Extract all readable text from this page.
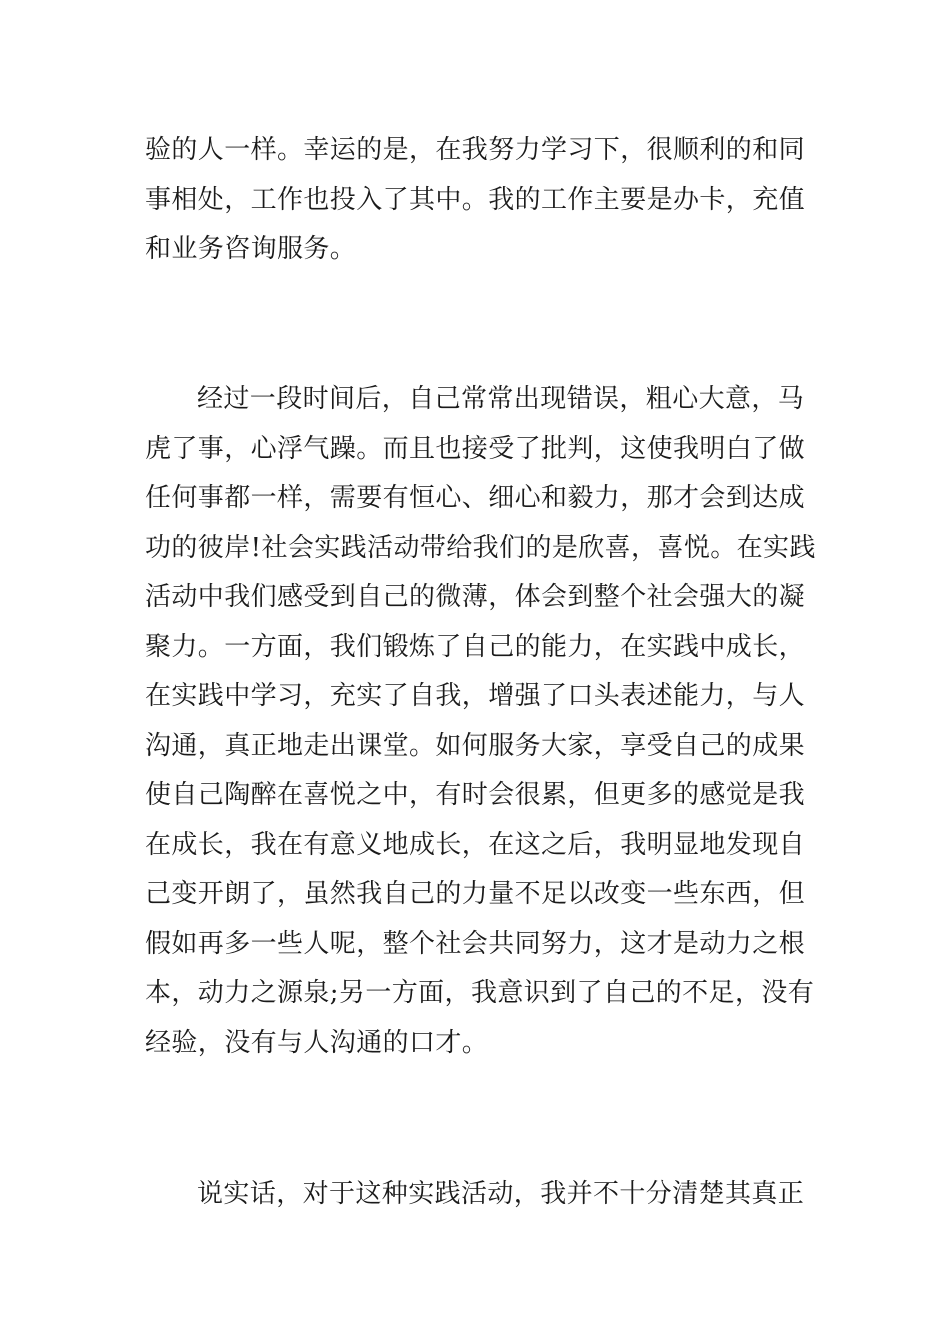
验的人一样。幸运的是，在我努力学习下，很顺利的和同
事相处，工作也投入了其中。我的工作主要是办卡，充值
和业务咨询服务。

经过一段时间后，自己常常出现错误，粗心大意，马
虎了事，心浮气躁。而且也接受了批判，这使我明白了做
任何事都一样，需要有恒心、细心和毅力，那才会到达成
功的彼岸!社会实践活动带给我们的是欣喜，喜悦。在实践
活动中我们感受到自己的微薄，体会到整个社会强大的凝
聚力。一方面，我们锻炼了自己的能力，在实践中成长，
在实践中学习，充实了自我，增强了口头表述能力，与人
沟通，真正地走出课堂。如何服务大家，享受自己的成果
使自己陶醉在喜悦之中，有时会很累，但更多的感觉是我
在成长，我在有意义地成长，在这之后，我明显地发现自
己变开朗了，虽然我自己的力量不足以改变一些东西，但
假如再多一些人呢，整个社会共同努力，这才是动力之根
本，动力之源泉;另一方面，我意识到了自己的不足，没有
经验，没有与人沟通的口才。

说实话，对于这种实践活动，我并不十分清楚其真正
